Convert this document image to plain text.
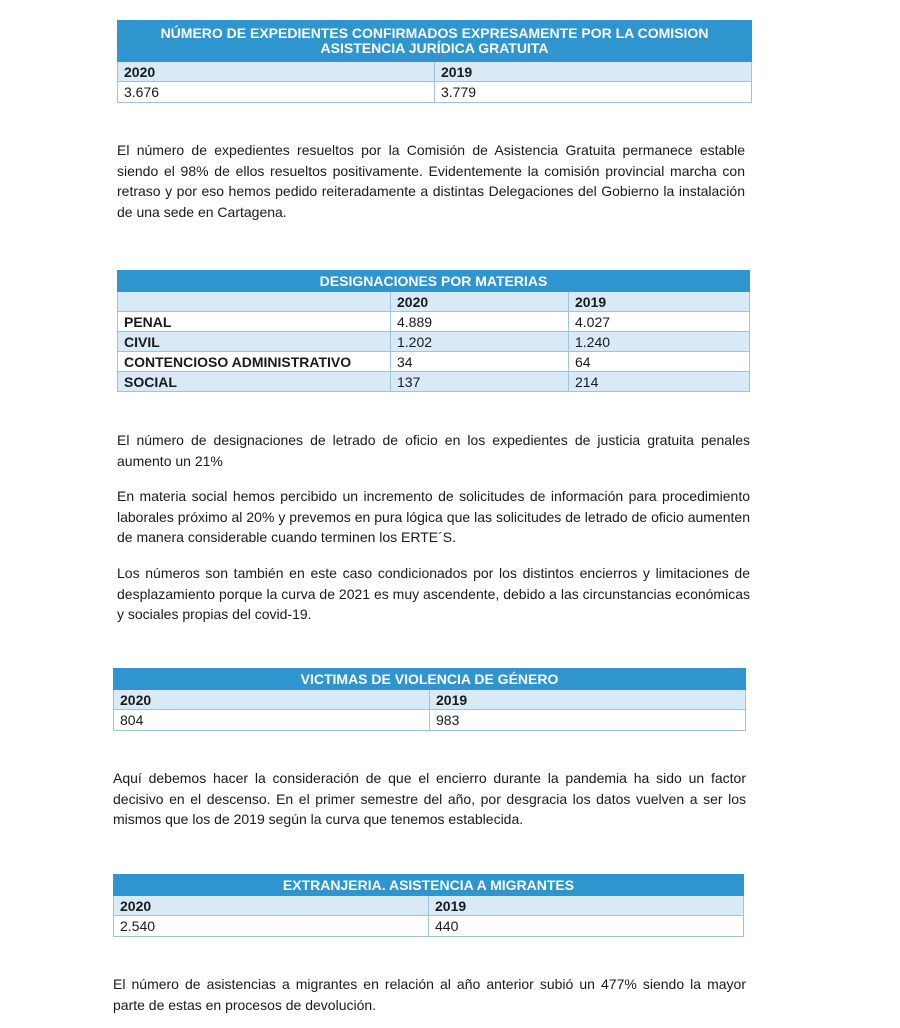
NÚMERO DE EXPEDIENTES CONFIRMADOS EXPRESAMENTE POR LA COMISION ASISTENCIA JURÍDICA GRATUITA	
2020	2019
3.676	3.779

El número de expedientes resueltos por la Comisión de Asistencia Gratuita permanece estable siendo el 98% de ellos resueltos positivamente. Evidentemente la comisión provincial marcha con retraso y por eso hemos pedido reiteradamente a distintas Delegaciones del Gobierno la instalación de una sede en Cartagena.

DESIGNACIONES POR MATERIAS		
	2020	2019
PENAL	4.889	4.027
CIVIL	1.202	1.240
CONTENCIOSO ADMINISTRATIVO	34	64
SOCIAL	137	214

El número de designaciones de letrado de oficio en los expedientes de justicia gratuita penales aumento un 21%

En materia social hemos percibido un incremento de solicitudes de información para procedimiento laborales próximo al 20% y prevemos en pura lógica que las solicitudes de letrado de oficio aumenten de manera considerable cuando terminen los ERTE´S.

Los números son también en este caso condicionados por los distintos encierros y limitaciones de desplazamiento porque la curva de 2021 es muy ascendente, debido a las circunstancias económicas y sociales propias del covid-19.

VICTIMAS DE VIOLENCIA DE GÉNERO	
2020	2019
804	983

Aquí debemos hacer la consideración de que el encierro durante la pandemia ha sido un factor decisivo en el descenso. En el primer semestre del año, por desgracia los datos vuelven a ser los mismos que los de 2019 según la curva que tenemos establecida.

EXTRANJERIA. ASISTENCIA A MIGRANTES	
2020	2019
2.540	440

El número de asistencias a migrantes en relación al año anterior subió un 477% siendo la mayor parte de estas en procesos de devolución.
